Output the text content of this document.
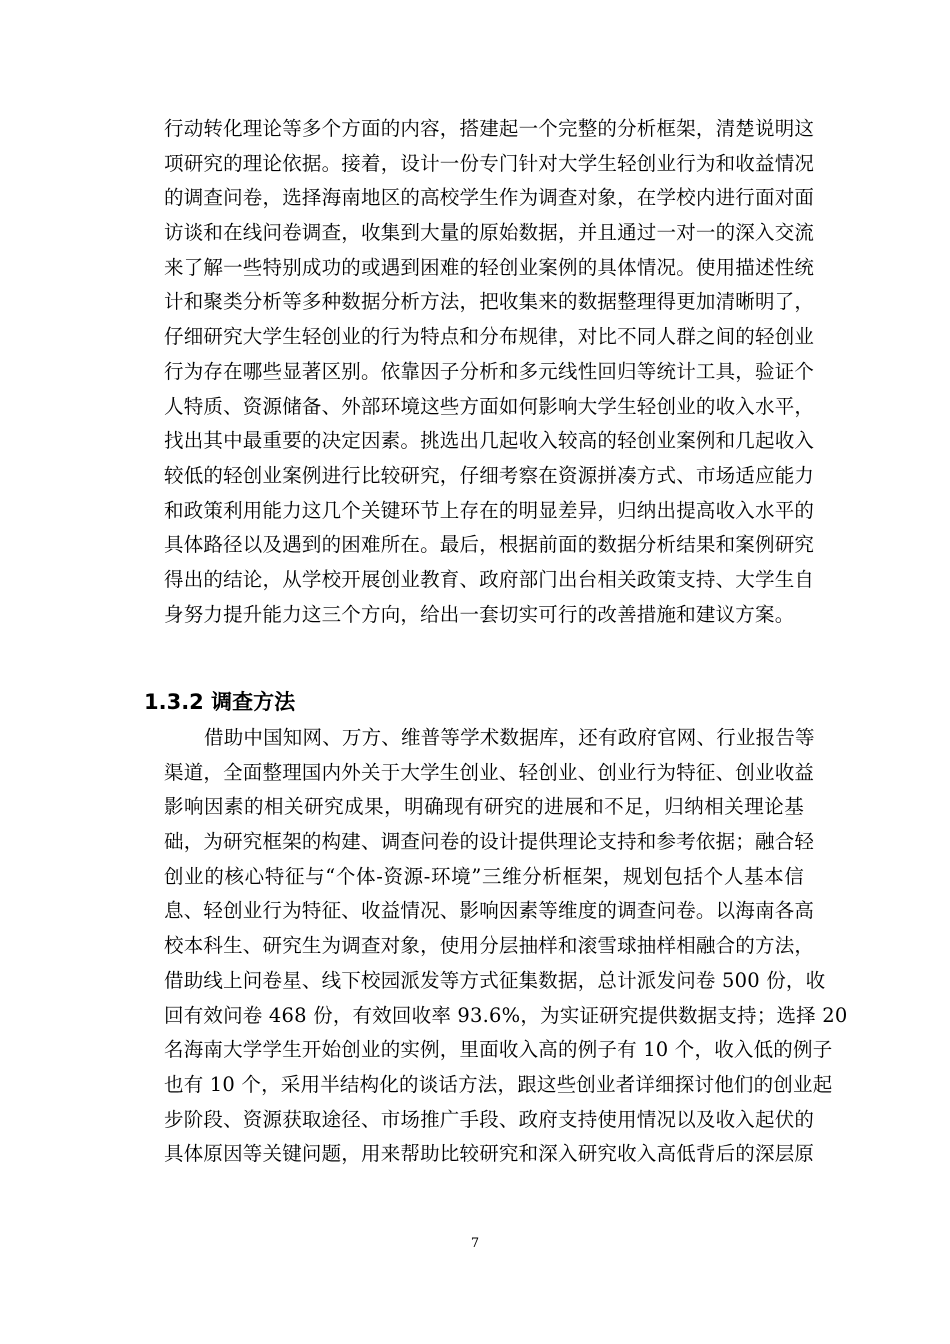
行动转化理论等多个方面的内容，搭建起一个完整的分析框架，清楚说明这
项研究的理论依据。接着，设计一份专门针对大学生轻创业行为和收益情况
的调查问卷，选择海南地区的高校学生作为调查对象，在学校内进行面对面
访谈和在线问卷调查，收集到大量的原始数据，并且通过一对一的深入交流
来了解一些特别成功的或遇到困难的轻创业案例的具体情况。使用描述性统
计和聚类分析等多种数据分析方法，把收集来的数据整理得更加清晰明了，
仔细研究大学生轻创业的行为特点和分布规律，对比不同人群之间的轻创业
行为存在哪些显著区别。依靠因子分析和多元线性回归等统计工具，验证个
人特质、资源储备、外部环境这些方面如何影响大学生轻创业的收入水平，
找出其中最重要的决定因素。挑选出几起收入较高的轻创业案例和几起收入
较低的轻创业案例进行比较研究，仔细考察在资源拼凑方式、市场适应能力
和政策利用能力这几个关键环节上存在的明显差异，归纳出提高收入水平的
具体路径以及遇到的困难所在。最后，根据前面的数据分析结果和案例研究
得出的结论，从学校开展创业教育、政府部门出台相关政策支持、大学生自
身努力提升能力这三个方向，给出一套切实可行的改善措施和建议方案。
1.3.2 调查方法
借助中国知网、万方、维普等学术数据库，还有政府官网、行业报告等
渠道，全面整理国内外关于大学生创业、轻创业、创业行为特征、创业收益
影响因素的相关研究成果，明确现有研究的进展和不足，归纳相关理论基
础，为研究框架的构建、调查问卷的设计提供理论支持和参考依据；融合轻
创业的核心特征与“个体-资源-环境”三维分析框架，规划包括个人基本信
息、轻创业行为特征、收益情况、影响因素等维度的调查问卷。以海南各高
校本科生、研究生为调查对象，使用分层抽样和滚雪球抽样相融合的方法，
借助线上问卷星、线下校园派发等方式征集数据，总计派发问卷 500 份，收
回有效问卷 468 份，有效回收率 93.6%，为实证研究提供数据支持；选择 20
名海南大学学生开始创业的实例，里面收入高的例子有 10 个，收入低的例子
也有 10 个，采用半结构化的谈话方法，跟这些创业者详细探讨他们的创业起
步阶段、资源获取途径、市场推广手段、政府支持使用情况以及收入起伏的
具体原因等关键问题，用来帮助比较研究和深入研究收入高低背后的深层原
7
